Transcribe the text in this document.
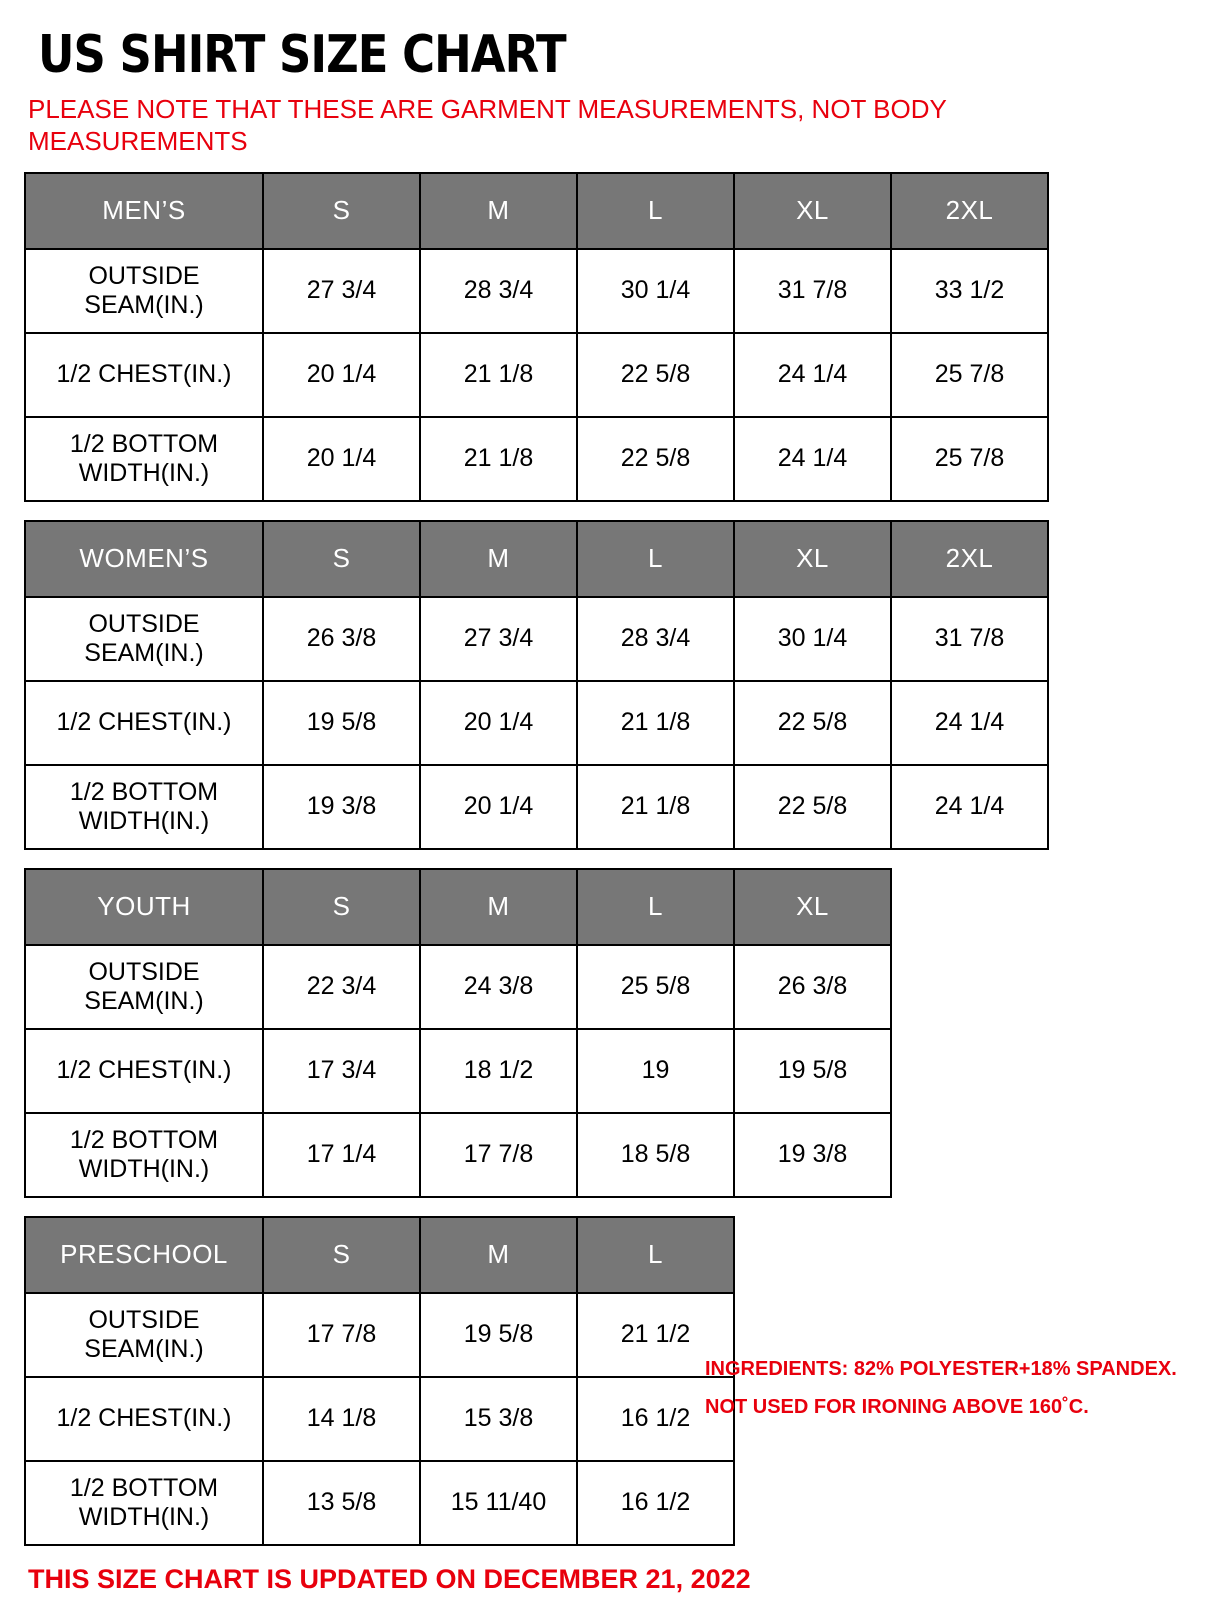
US SHIRT SIZE CHART
PLEASE NOTE THAT THESE ARE GARMENT MEASUREMENTS, NOT BODY MEASUREMENTS
MEN’S	S	M	L	XL	2XL
OUTSIDE SEAM(IN.)	27 3/4	28 3/4	30 1/4	31 7/8	33 1/2
1/2 CHEST(IN.)	20 1/4	21 1/8	22 5/8	24 1/4	25 7/8
1/2 BOTTOM WIDTH(IN.)	20 1/4	21 1/8	22 5/8	24 1/4	25 7/8
WOMEN’S	S	M	L	XL	2XL
OUTSIDE SEAM(IN.)	26 3/8	27 3/4	28 3/4	30 1/4	31 7/8
1/2 CHEST(IN.)	19 5/8	20 1/4	21 1/8	22 5/8	24 1/4
1/2 BOTTOM WIDTH(IN.)	19 3/8	20 1/4	21 1/8	22 5/8	24 1/4
YOUTH	S	M	L	XL
OUTSIDE SEAM(IN.)	22 3/4	24 3/8	25 5/8	26 3/8
1/2 CHEST(IN.)	17 3/4	18 1/2	19	19 5/8
1/2 BOTTOM WIDTH(IN.)	17 1/4	17 7/8	18 5/8	19 3/8
PRESCHOOL	S	M	L
OUTSIDE SEAM(IN.)	17 7/8	19 5/8	21 1/2
1/2 CHEST(IN.)	14 1/8	15 3/8	16 1/2
1/2 BOTTOM WIDTH(IN.)	13 5/8	15 11/40	16 1/2
THIS SIZE CHART IS UPDATED ON DECEMBER 21, 2022
INGREDIENTS: 82% POLYESTER+18% SPANDEX.
NOT USED FOR IRONING ABOVE 160˚C.
